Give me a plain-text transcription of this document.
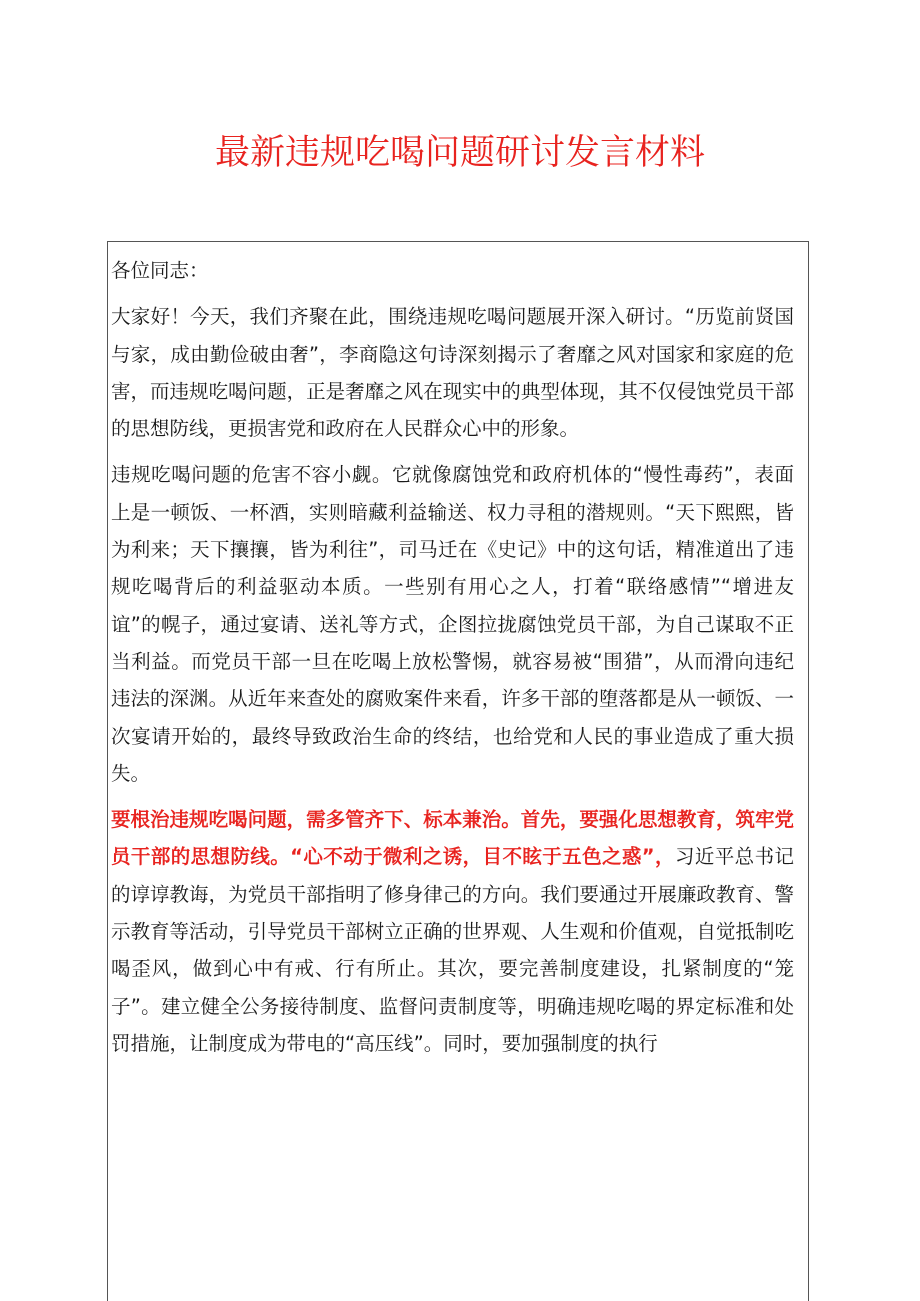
最新违规吃喝问题研讨发言材料

各位同志：

大家好！今天，我们齐聚在此，围绕违规吃喝问题展开深入研讨。“历览前贤国与家，成由勤俭破由奢”，李商隐这句诗深刻揭示了奢靡之风对国家和家庭的危害，而违规吃喝问题，正是奢靡之风在现实中的典型体现，其不仅侵蚀党员干部的思想防线，更损害党和政府在人民群众心中的形象。

违规吃喝问题的危害不容小觑。它就像腐蚀党和政府机体的“慢性毒药”，表面上是一顿饭、一杯酒，实则暗藏利益输送、权力寻租的潜规则。“天下熙熙，皆为利来；天下攘攘，皆为利往”，司马迁在《史记》中的这句话，精准道出了违规吃喝背后的利益驱动本质。一些别有用心之人，打着“联络感情”“增进友谊”的幌子，通过宴请、送礼等方式，企图拉拢腐蚀党员干部，为自己谋取不正当利益。而党员干部一旦在吃喝上放松警惕，就容易被“围猎”，从而滑向违纪违法的深渊。从近年来查处的腐败案件来看，许多干部的堕落都是从一顿饭、一次宴请开始的，最终导致政治生命的终结，也给党和人民的事业造成了重大损失。

要根治违规吃喝问题，需多管齐下、标本兼治。首先，要强化思想教育，筑牢党员干部的思想防线。“心不动于微利之诱，目不眩于五色之惑”，习近平总书记的谆谆教诲，为党员干部指明了修身律己的方向。我们要通过开展廉政教育、警示教育等活动，引导党员干部树立正确的世界观、人生观和价值观，自觉抵制吃喝歪风，做到心中有戒、行有所止。其次，要完善制度建设，扎紧制度的“笼子”。建立健全公务接待制度、监督问责制度等，明确违规吃喝的界定标准和处罚措施，让制度成为带电的“高压线”。同时，要加强制度的执行
